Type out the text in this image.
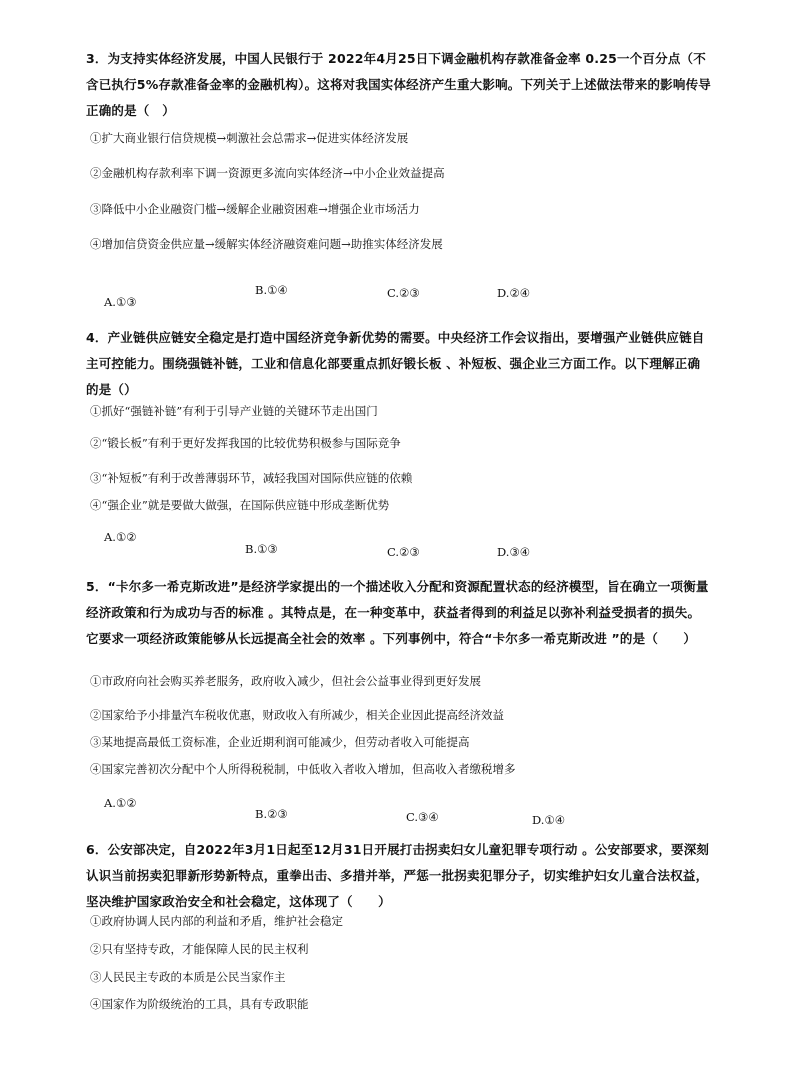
3．为支持实体经济发展，中国人民银行于 2022年4月25日下调金融机构存款准备金率 0.25一个百分点（不含已执行5%存款准备金率的金融机构）。这将对我国实体经济产生重大影响。下列关于上述做法带来的影响传导正确的是（　）
①扩大商业银行信贷规模→刺激社会总需求→促进实体经济发展
②金融机构存款利率下调一资源更多流向实体经济→中小企业效益提高
③降低中小企业融资门槛→缓解企业融资困难→增强企业市场活力
④增加信贷资金供应量→缓解实体经济融资难问题→助推实体经济发展
A.①③
B.①④	C.②③	D.②④
4．产业链供应链安全稳定是打造中国经济竞争新优势的需要。中央经济工作会议指出，要增强产业链供应链自主可控能力。围绕强链补链，工业和信息化部要重点抓好锻长板 、补短板、强企业三方面工作。以下理解正确的是（）
①抓好“强链补链”有利于引导产业链的关键环节走出国门
②“锻长板”有利于更好发挥我国的比较优势积极参与国际竞争
③“补短板”有利于改善薄弱环节，减轻我国对国际供应链的依赖
④“强企业”就是要做大做强，在国际供应链中形成垄断优势
A.①②
B.①③	C.②③	D.③④
5．“卡尔多一希克斯改进”是经济学家提出的一个描述收入分配和资源配置状态的经济模型，旨在确立一项衡量经济政策和行为成功与否的标准 。其特点是，在一种变革中，获益者得到的利益足以弥补利益受损者的损失。它要求一项经济政策能够从长远提高全社会的效率 。下列事例中，符合“卡尔多一希克斯改进 ”的是（　　）
①市政府向社会购买养老服务，政府收入减少，但社会公益事业得到更好发展
②国家给予小排量汽车税收优惠，财政收入有所减少，相关企业因此提高经济效益
③某地提高最低工资标准，企业近期利润可能减少，但劳动者收入可能提高
④国家完善初次分配中个人所得税税制，中低收入者收入增加，但高收入者缴税增多
A.①②
B.②③	C.③④	D.①④
6．公安部决定，自2022年3月1日起至12月31日开展打击拐卖妇女儿童犯罪专项行动 。公安部要求，要深刻认识当前拐卖犯罪新形势新特点，重拳出击、多措并举，严惩一批拐卖犯罪分子，切实维护妇女儿童合法权益，坚决维护国家政治安全和社会稳定，这体现了（　　）
①政府协调人民内部的利益和矛盾，维护社会稳定
②只有坚持专政，才能保障人民的民主权利
③人民民主专政的本质是公民当家作主
④国家作为阶级统治的工具，具有专政职能
